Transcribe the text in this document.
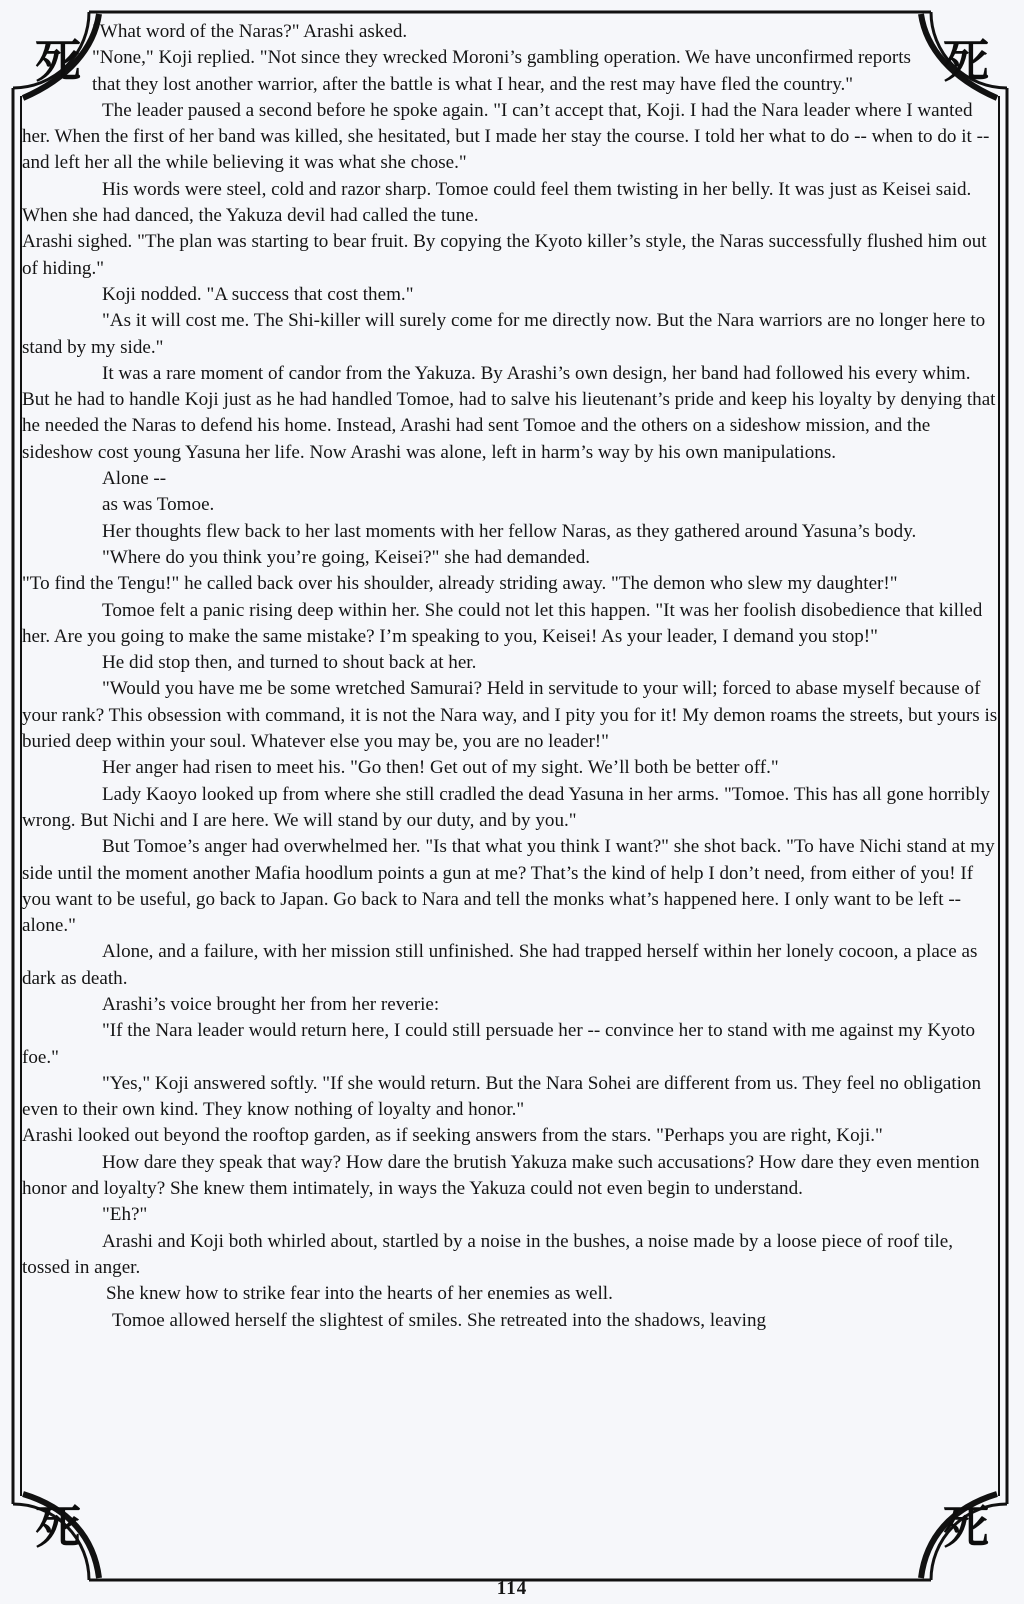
死	死
死	死

"What word of the Naras?" Arashi asked.

"None," Koji replied. "Not since they wrecked Moroni’s gambling operation. We have unconfirmed reports that they lost another warrior, after the battle is what I hear, and the rest may have fled the country."

The leader paused a second before he spoke again. "I can’t accept that, Koji. I had the Nara leader where I wanted her. When the first of her band was killed, she hesitated, but I made her stay the course. I told her what to do -- when to do it -- and left her all the while believing it was what she chose."

His words were steel, cold and razor sharp. Tomoe could feel them twisting in her belly. It was just as Keisei said. When she had danced, the Yakuza devil had called the tune.

Arashi sighed. "The plan was starting to bear fruit. By copying the Kyoto killer’s style, the Naras successfully flushed him out of hiding."

Koji nodded. "A success that cost them."

"As it will cost me. The Shi-killer will surely come for me directly now. But the Nara warriors are no longer here to stand by my side."

It was a rare moment of candor from the Yakuza. By Arashi’s own design, her band had followed his every whim. But he had to handle Koji just as he had handled Tomoe, had to salve his lieutenant’s pride and keep his loyalty by denying that he needed the Naras to defend his home. Instead, Arashi had sent Tomoe and the others on a sideshow mission, and the sideshow cost young Yasuna her life. Now Arashi was alone, left in harm’s way by his own manipulations.

Alone --

as was Tomoe.

Her thoughts flew back to her last moments with her fellow Naras, as they gathered around Yasuna’s body.

"Where do you think you’re going, Keisei?" she had demanded.

"To find the Tengu!" he called back over his shoulder, already striding away. "The demon who slew my daughter!"

Tomoe felt a panic rising deep within her. She could not let this happen. "It was her foolish disobedience that killed her. Are you going to make the same mistake? I’m speaking to you, Keisei! As your leader, I demand you stop!"

He did stop then, and turned to shout back at her.

"Would you have me be some wretched Samurai? Held in servitude to your will; forced to abase myself because of your rank? This obsession with command, it is not the Nara way, and I pity you for it! My demon roams the streets, but yours is buried deep within your soul. Whatever else you may be, you are no leader!"

Her anger had risen to meet his. "Go then! Get out of my sight. We’ll both be better off."

Lady Kaoyo looked up from where she still cradled the dead Yasuna in her arms. "Tomoe. This has all gone horribly wrong. But Nichi and I are here. We will stand by our duty, and by you."

But Tomoe’s anger had overwhelmed her. "Is that what you think I want?" she shot back. "To have Nichi stand at my side until the moment another Mafia hoodlum points a gun at me? That’s the kind of help I don’t need, from either of you! If you want to be useful, go back to Japan. Go back to Nara and tell the monks what’s happened here. I only want to be left -- alone."

Alone, and a failure, with her mission still unfinished. She had trapped herself within her lonely cocoon, a place as dark as death.

Arashi’s voice brought her from her reverie:

"If the Nara leader would return here, I could still persuade her -- convince her to stand with me against my Kyoto foe."

"Yes," Koji answered softly. "If she would return. But the Nara Sohei are different from us. They feel no obligation even to their own kind. They know nothing of loyalty and honor."

Arashi looked out beyond the rooftop garden, as if seeking answers from the stars. "Perhaps you are right, Koji."

How dare they speak that way? How dare the brutish Yakuza make such accusations? How dare they even mention honor and loyalty? She knew them intimately, in ways the Yakuza could not even begin to understand.

"Eh?"

Arashi and Koji both whirled about, startled by a noise in the bushes, a noise made by a loose piece of roof tile, tossed in anger.

She knew how to strike fear into the hearts of her enemies as well.

Tomoe allowed herself the slightest of smiles. She retreated into the shadows, leaving

114
